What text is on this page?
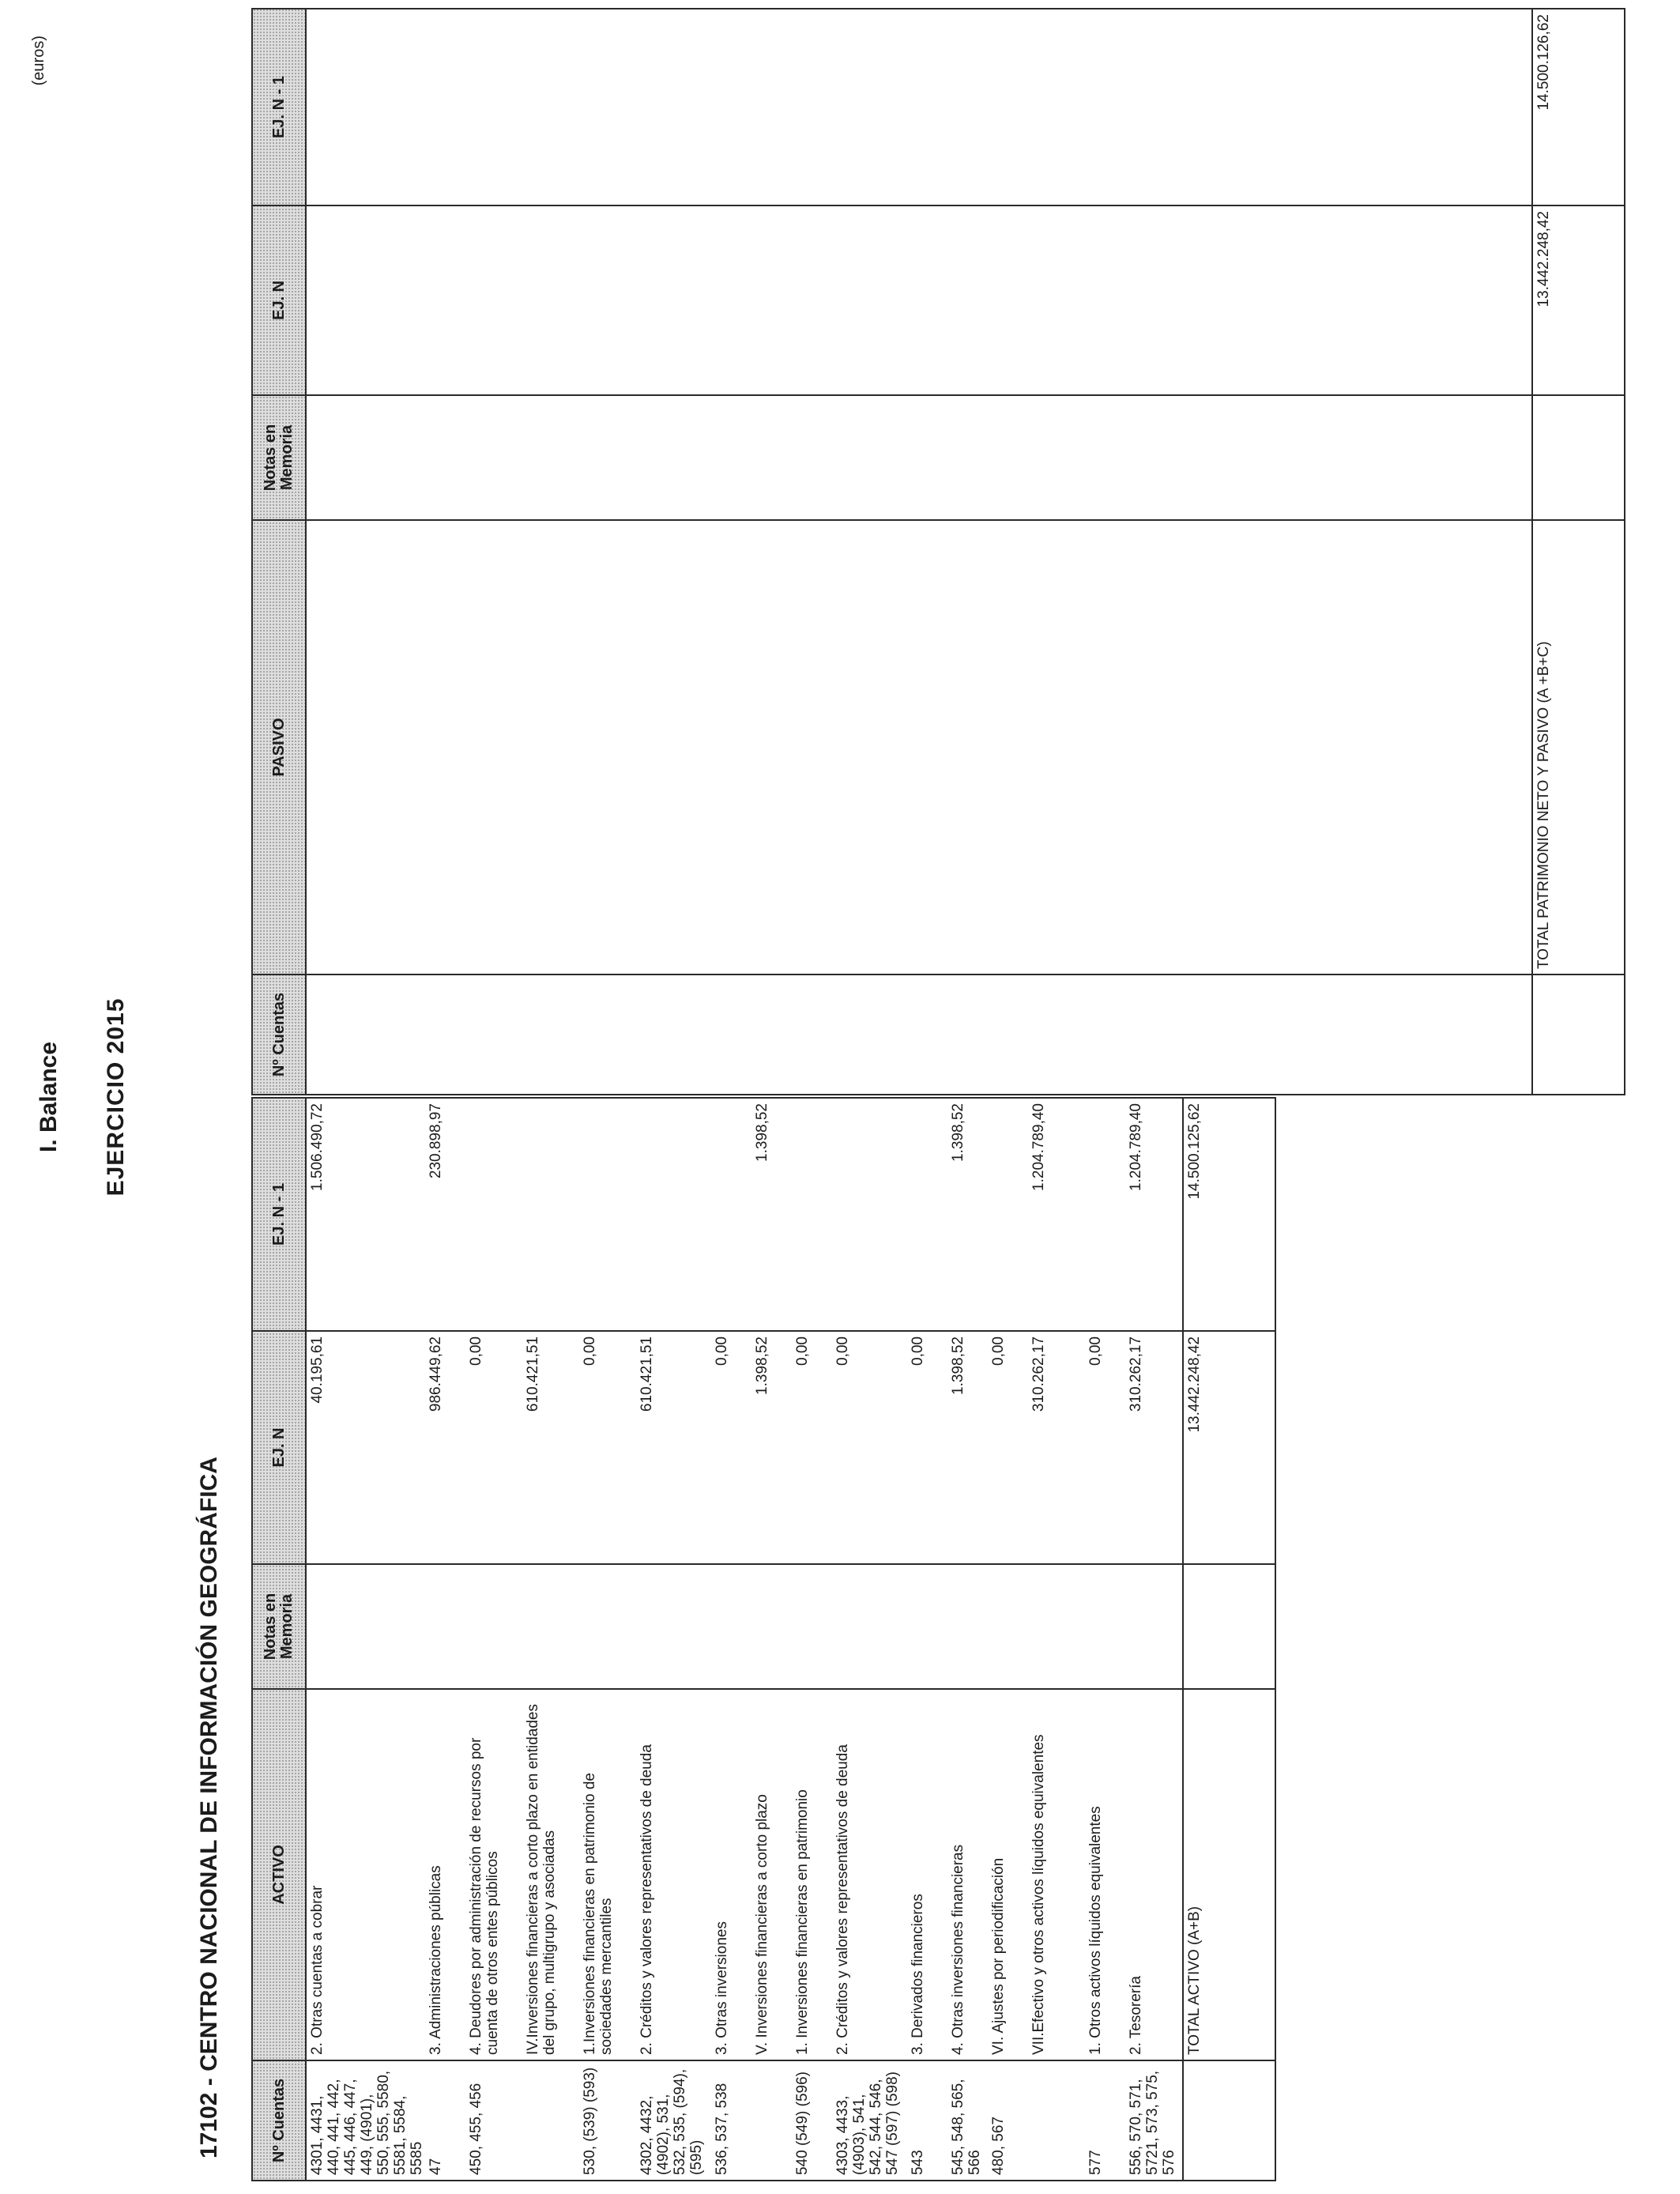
I. Balance EJERCICIO 2015
17102 - CENTRO NACIONAL DE INFORMACIÓN GEOGRÁFICA
(euros)
Nº Cuentas	ACTIVO	Notas en Memoria	EJ. N	EJ. N - 1
4301, 4431, 440, 441, 442, 445, 446, 447, 449, (4901), 550, 555, 5580, 5581, 5584, 5585	2. Otras cuentas a cobrar		40.195,61	1.506.490,72
47	3. Administraciones públicas		986.449,62	230.898,97
450, 455, 456	4. Deudores por administración de recursos por cuenta de otros entes públicos		0,00	
	IV.Inversiones financieras a corto plazo en entidades del grupo, multigrupo y asociadas		610.421,51	
530, (539) (593)	1.Inversiones financieras en patrimonio de sociedades mercantiles		0,00	
4302, 4432, (4902), 531, 532, 535, (594), (595)	2. Créditos y valores representativos de deuda		610.421,51	
536, 537, 538	3. Otras inversiones		0,00	
	V. Inversiones financieras a corto plazo		1.398,52	1.398,52
540 (549) (596)	1. Inversiones financieras en patrimonio		0,00	
4303, 4433, (4903), 541, 542, 544, 546, 547 (597) (598)	2. Créditos y valores representativos de deuda		0,00	
543	3. Derivados financieros		0,00	
545, 548, 565, 566	4. Otras inversiones financieras		1.398,52	1.398,52
480, 567	VI. Ajustes por periodificación		0,00	
	VII.Efectivo y otros activos líquidos equivalentes		310.262,17	1.204.789,40
577	1. Otros activos líquidos equivalentes		0,00	
556, 570, 571, 5721, 573, 575, 576	2. Tesorería		310.262,17	1.204.789,40
	TOTAL ACTIVO (A+B)		13.442.248,42	14.500.125,62
Nº Cuentas	PASIVO	Notas en Memoria	EJ. N	EJ. N - 1

	TOTAL PATRIMONIO NETO Y PASIVO (A +B+C)		13.442.248,42	14.500.126,62
